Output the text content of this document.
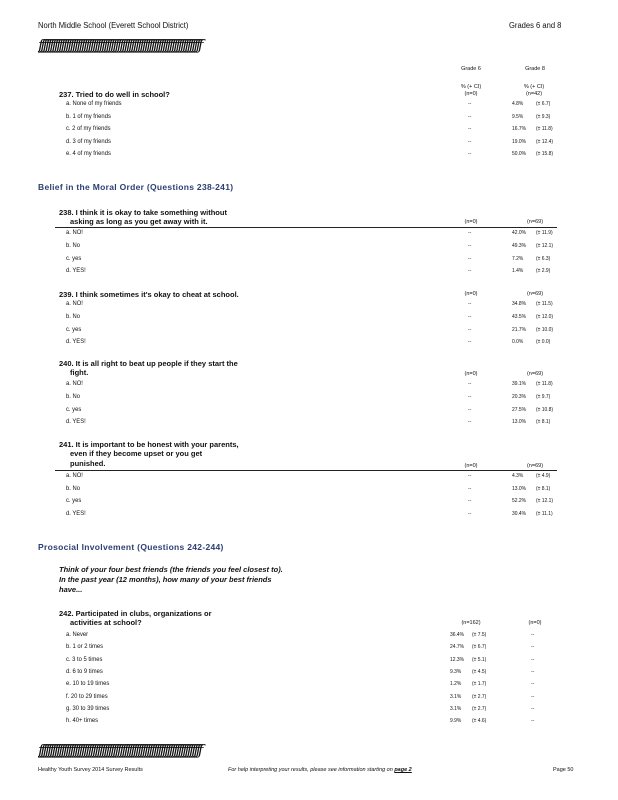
North Middle School (Everett School District)	Grades 6 and 8
ƒƒƒƒƒƒƒƒƒƒƒƒƒƒƒƒƒƒƒƒƒƒƒƒƒƒƒƒƒƒƒƒƒƒƒƒƒƒƒƒƒƒƒƒƒƒƒƒƒƒƒƒƒƒƒƒƒƒƒƒƒƒƒƒƒƒƒƒƒƒƒƒ
Grade 6	Grade 8
% (+ CI)
(n=0)
% (+ CI)
(n=42)
237. Tried to do well in school?
a. None of my friends	--	4.8% (± 6.7)
b. 1 of my friends	--	9.5% (± 9.3)
c. 2 of my friends	--	16.7% (± 11.8)
d. 3 of my friends	--	19.0% (± 12.4)
e. 4 of my friends	--	50.0% (± 15.8)
Belief in the Moral Order (Questions 238-241)
238. I think it is okay to take something without
asking as long as you get away with it.	(n=0)	(n=69)
a. NO!	--	42.0% (± 11.9)
b. No	--	49.3% (± 12.1)
c. yes	--	7.2% (± 6.3)
d. YES!	--	1.4% (± 2.9)
239. I think sometimes it's okay to cheat at school.	(n=0)	(n=69)
a. NO!	--	34.8% (± 11.5)
b. No	--	43.5% (± 12.0)
c. yes	--	21.7% (± 10.0)
d. YES!	--	0.0% (± 0.0)
240. It is all right to beat up people if they start the
fight.	(n=0)	(n=69)
a. NO!	--	39.1% (± 11.8)
b. No	--	20.3% (± 9.7)
c. yes	--	27.5% (± 10.8)
d. YES!	--	13.0% (± 8.1)
241. It is important to be honest with your parents,
even if they become upset or you get
punished.	(n=0)	(n=69)
a. NO!	--	4.3% (± 4.9)
b. No	--	13.0% (± 8.1)
c. yes	--	52.2% (± 12.1)
d. YES!	--	30.4% (± 11.1)
Prosocial Involvement (Questions 242-244)
Think of your four best friends (the friends you feel closest to). In the past year (12 months), how many of your best friends have...
242. Participated in clubs, organizations or
activities at school?	(n=162)	(n=0)
a. Never	36.4% (± 7.5)	--
b. 1 or 2 times	24.7% (± 6.7)	--
c. 3 to 5 times	12.3% (± 5.1)	--
d. 6 to 9 times	9.3% (± 4.5)	--
e. 10 to 19 times	1.2% (± 1.7)	--
f. 20 to 29 times	3.1% (± 2.7)	--
g. 30 to 39 times	3.1% (± 2.7)	--
h. 40+ times	9.9% (± 4.6)	--
ƒƒƒƒƒƒƒƒƒƒƒƒƒƒƒƒƒƒƒƒƒƒƒƒƒƒƒƒƒƒƒƒƒƒƒƒƒƒƒƒƒƒƒƒƒƒƒƒƒƒƒƒƒƒƒƒƒƒƒƒƒƒƒƒƒƒƒƒƒƒƒƒ
Healthy Youth Survey 2014 Survey Results	For help interpreting your results, please see information starting on page 2	Page 50
